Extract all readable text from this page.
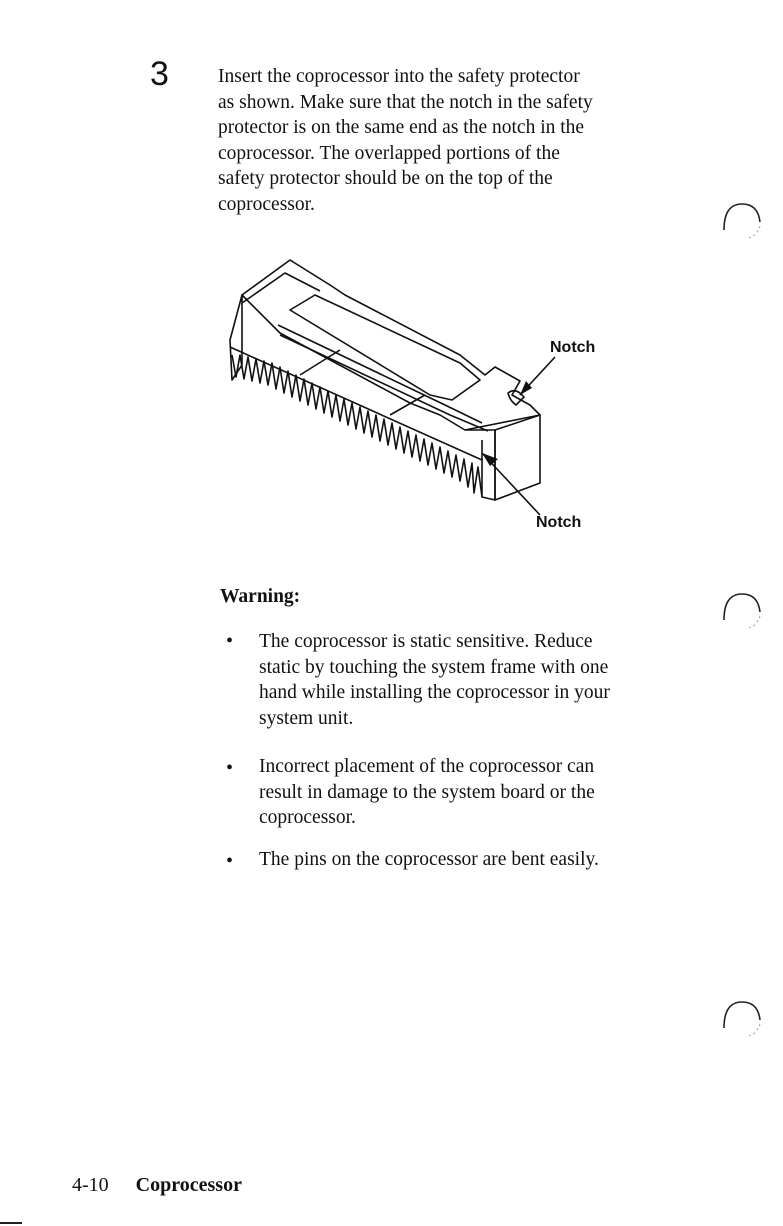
3	Insert the coprocessor into the safety protector
as shown. Make sure that the notch in the safety
protector is on the same end as the notch in the
coprocessor. The overlapped portions of the
safety protector should be on the top of the
coprocessor.
Notch
Notch
Warning:
• The coprocessor is static sensitive. Reduce
static by touching the system frame with one
hand while installing the coprocessor in your
system unit.
• Incorrect placement of the coprocessor can
result in damage to the system board or the
coprocessor.
• The pins on the coprocessor are bent easily.
4-10 Coprocessor
